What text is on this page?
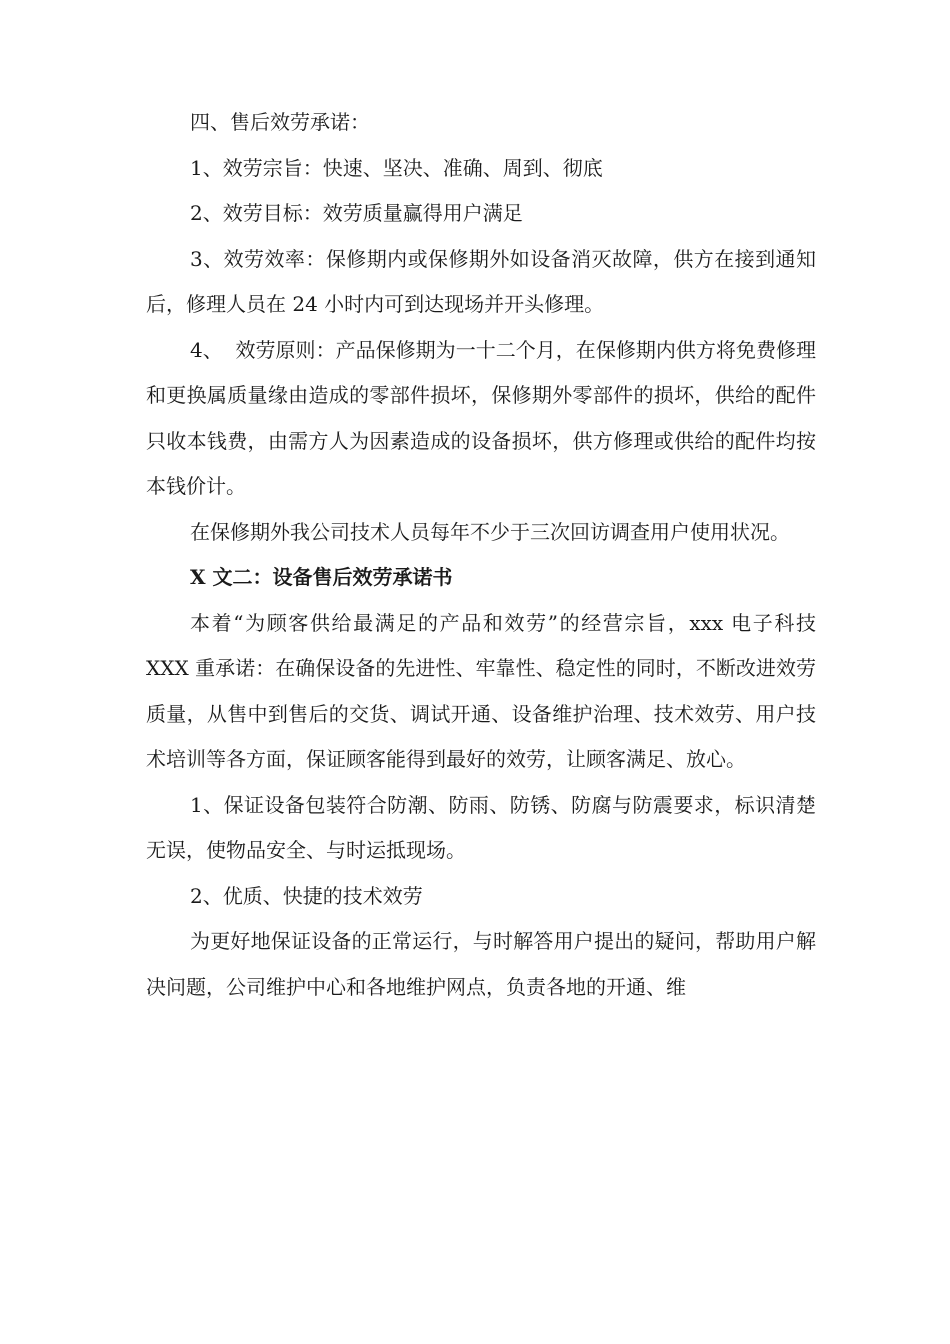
四、售后效劳承诺：

1、效劳宗旨：快速、坚决、准确、周到、彻底

2、效劳目标：效劳质量赢得用户满足

3、效劳效率：保修期内或保修期外如设备消灭故障，供方在接到通知后，修理人员在 24 小时内可到达现场并开头修理。

4、  效劳原则：产品保修期为一十二个月，在保修期内供方将免费修理和更换属质量缘由造成的零部件损坏，保修期外零部件的损坏，供给的配件只收本钱费，由需方人为因素造成的设备损坏，供方修理或供给的配件均按本钱价计。

在保修期外我公司技术人员每年不少于三次回访调查用户使用状况。

X 文二：设备售后效劳承诺书

本着“为顾客供给最满足的产品和效劳”的经营宗旨，xxx 电子科技 XXX 重承诺：在确保设备的先进性、牢靠性、稳定性的同时，不断改进效劳质量，从售中到售后的交货、调试开通、设备维护治理、技术效劳、用户技术培训等各方面，保证顾客能得到最好的效劳，让顾客满足、放心。

1、保证设备包装符合防潮、防雨、防锈、防腐与防震要求，标识清楚无误，使物品安全、与时运抵现场。

2、优质、快捷的技术效劳

为更好地保证设备的正常运行，与时解答用户提出的疑问，帮助用户解决问题，公司维护中心和各地维护网点，负责各地的开通、维
